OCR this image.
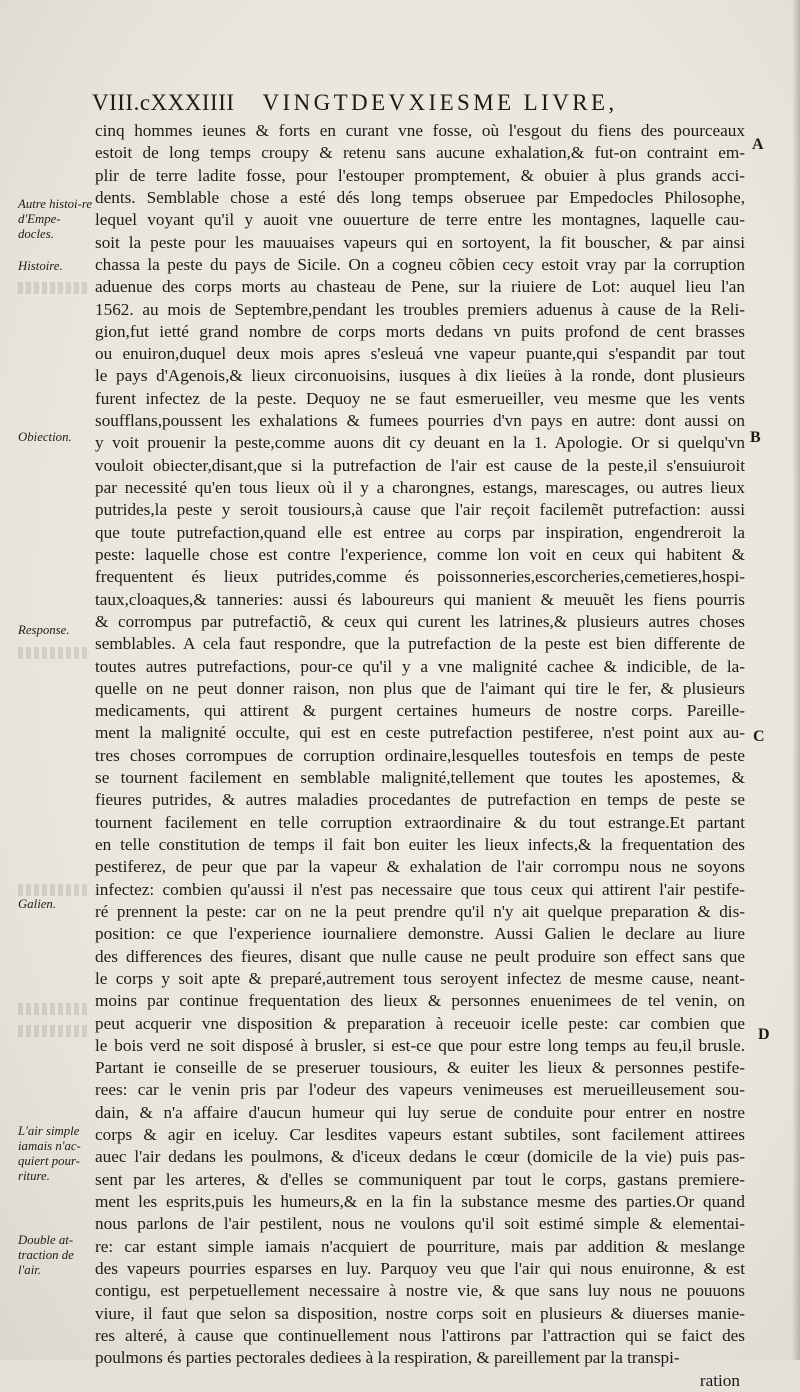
VIII.cXXXIIII VINGTDEVXIESME LIVRE,
cinq hommes ieunes & forts en curant vne fosse, où l'esgout du fiens des pourceaux
estoit de long temps croupy & retenu sans aucune exhalation,& fut-on contraint em-
plir de terre ladite fosse, pour l'estouper promptement, & obuier à plus grands acci-
dents. Semblable chose a esté dés long temps obseruee par Empedocles Philosophe,
lequel voyant qu'il y auoit vne ouuerture de terre entre les montagnes, laquelle cau-
soit la peste pour les mauuaises vapeurs qui en sortoyent, la fit bouscher, & par ainsi
chassa la peste du pays de Sicile. On a cogneu cõbien cecy estoit vray par la corruption
aduenue des corps morts au chasteau de Pene, sur la riuiere de Lot: auquel lieu l'an
1562. au mois de Septembre,pendant les troubles premiers aduenus à cause de la Reli-
gion,fut ietté grand nombre de corps morts dedans vn puits profond de cent brasses
ou enuiron,duquel deux mois apres s'esleuá vne vapeur puante,qui s'espandit par tout
le pays d'Agenois,& lieux circonuoisins, iusques à dix lieües à la ronde, dont plusieurs
furent infectez de la peste. Dequoy ne se faut esmerueiller, veu mesme que les vents
soufflans,poussent les exhalations & fumees pourries d'vn pays en autre: dont aussi on
y voit prouenir la peste,comme auons dit cy deuant en la 1. Apologie. Or si quelqu'vn
vouloit obiecter,disant,que si la putrefaction de l'air est cause de la peste,il s'ensuiuroit
par necessité qu'en tous lieux où il y a charongnes, estangs, marescages, ou autres lieux
putrides,la peste y seroit tousiours,à cause que l'air reçoit facilemẽt putrefaction: aussi
que toute putrefaction,quand elle est entree au corps par inspiration, engendreroit la
peste: laquelle chose est contre l'experience, comme lon voit en ceux qui habitent &
frequentent és lieux putrides,comme és poissonneries,escorcheries,cemetieres,hospi-
taux,cloaques,& tanneries: aussi és laboureurs qui manient & meuuẽt les fiens pourris
& corrompus par putrefactiõ, & ceux qui curent les latrines,& plusieurs autres choses
semblables. A cela faut respondre, que la putrefaction de la peste est bien differente de
toutes autres putrefactions, pour-ce qu'il y a vne malignité cachee & indicible, de la-
quelle on ne peut donner raison, non plus que de l'aimant qui tire le fer, & plusieurs
medicaments, qui attirent & purgent certaines humeurs de nostre corps. Pareille-
ment la malignité occulte, qui est en ceste putrefaction pestiferee, n'est point aux au-
tres choses corrompues de corruption ordinaire,lesquelles toutesfois en temps de peste
se tournent facilement en semblable malignité,tellement que toutes les apostemes, &
fieures putrides, & autres maladies procedantes de putrefaction en temps de peste se
tournent facilement en telle corruption extraordinaire & du tout estrange.Et partant
en telle constitution de temps il fait bon euiter les lieux infects,& la frequentation des
pestiferez, de peur que par la vapeur & exhalation de l'air corrompu nous ne soyons
infectez: combien qu'aussi il n'est pas necessaire que tous ceux qui attirent l'air pestife-
ré prennent la peste: car on ne la peut prendre qu'il n'y ait quelque preparation & dis-
position: ce que l'experience iournaliere demonstre. Aussi Galien le declare au liure
des differences des fieures, disant que nulle cause ne peult produire son effect sans que
le corps y soit apte & preparé,autrement tous seroyent infectez de mesme cause, neant-
moins par continue frequentation des lieux & personnes enuenimees de tel venin, on
peut acquerir vne disposition & preparation à receuoir icelle peste: car combien que
le bois verd ne soit disposé à brusler, si est-ce que pour estre long temps au feu,il brusle.
Partant ie conseille de se preseruer tousiours, & euiter les lieux & personnes pestife-
rees: car le venin pris par l'odeur des vapeurs venimeuses est merueilleusement sou-
dain, & n'a affaire d'aucun humeur qui luy serue de conduite pour entrer en nostre
corps & agir en iceluy. Car lesdites vapeurs estant subtiles, sont facilement attirees
auec l'air dedans les poulmons, & d'iceux dedans le cœur (domicile de la vie) puis pas-
sent par les arteres, & d'elles se communiquent par tout le corps, gastans premiere-
ment les esprits,puis les humeurs,& en la fin la substance mesme des parties.Or quand
nous parlons de l'air pestilent, nous ne voulons qu'il soit estimé simple & elementai-
re: car estant simple iamais n'acquiert de pourriture, mais par addition & meslange
des vapeurs pourries esparses en luy. Parquoy veu que l'air qui nous enuironne, & est
contigu, est perpetuellement necessaire à nostre vie, & que sans luy nous ne pouuons
viure, il faut que selon sa disposition, nostre corps soit en plusieurs & diuerses manie-
res alteré, à cause que continuellement nous l'attirons par l'attraction qui se faict des
poulmons és parties pectorales dediees à la respiration, & pareillement par la transpi-
ration
Autre histoi-re d'Empe-docles.
Histoire.
Obiection.
Response.
Galien.
L'air simple iamais n'ac-quiert pour-riture.
Double at-traction de l'air.
A
B
C
D
